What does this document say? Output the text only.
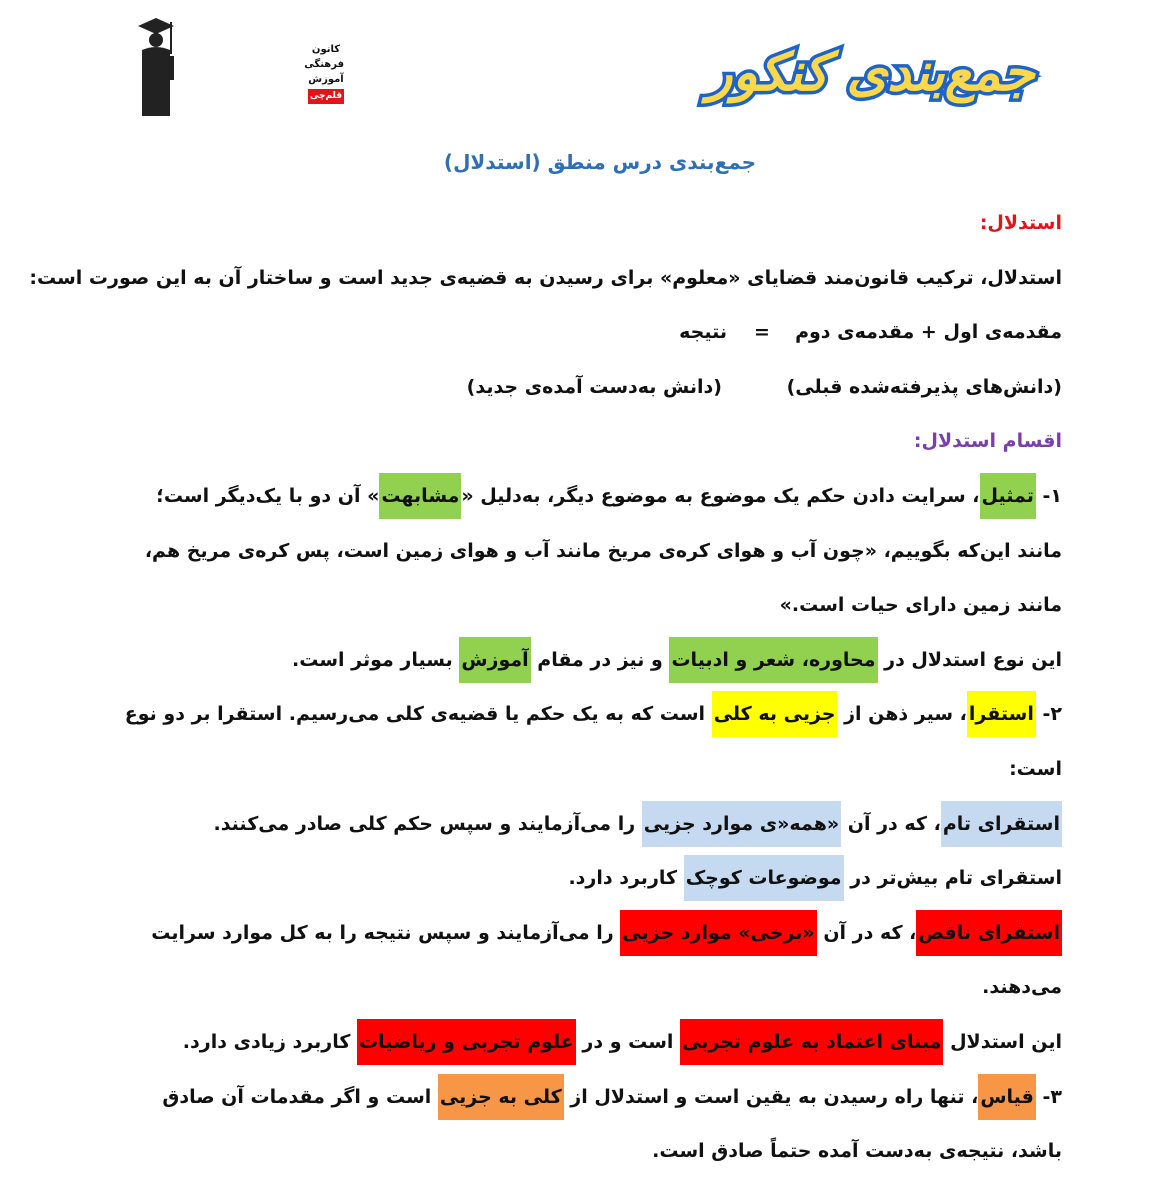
کانون
فرهنگی
آموزش
قلم‌چی	جمع‌بندی کنکور
جمع‌بندی درس منطق (استدلال)
استدلال:
استدلال، ترکیب قانون‌مند قضایای «معلوم» برای رسیدن به قضیه‌ی جدید است و ساختار آن به این صورت است:
مقدمه‌ی اول + مقدمه‌ی دوم
=
نتیجه
(دانش‌های پذیرفته‌شده قبلی)
(دانش به‌دست آمده‌ی جدید)
اقسام استدلال:
۱- تمثیل، سرایت دادن حکم یک موضوع به موضوع دیگر، به‌دلیل «مشابهت» آن دو با یک‌دیگر است؛
مانند این‌که بگوییم، «چون آب و هوای کره‌ی مریخ مانند آب و هوای زمین است، پس کره‌ی مریخ هم،
مانند زمین دارای حیات است.»
این نوع استدلال در محاوره، شعر و ادبیات و نیز در مقام آموزش بسیار موثر است.
۲- استقرا، سیر ذهن از جزیی به کلی است که به یک حکم یا قضیه‌ی کلی می‌رسیم. استقرا بر دو نوع
است:
استقرای تام، که در آن «همه«ی موارد جزیی را می‌آزمایند و سپس حکم کلی صادر می‌کنند.
استقرای تام بیش‌تر در موضوعات کوچک کاربرد دارد.
استقرای ناقص، که در آن «برخی» موارد جزیی را می‌آزمایند و سپس نتیجه را به کل موارد سرایت
می‌دهند.
این استدلال مبنای اعتماد به علوم تجربی است و در علوم تجربی و ریاضیات کاربرد زیادی دارد.
۳- قیاس، تنها راه رسیدن به یقین است و استدلال از کلی به جزیی است و اگر مقدمات آن صادق
باشد، نتیجه‌ی به‌دست آمده حتماً صادق است.
